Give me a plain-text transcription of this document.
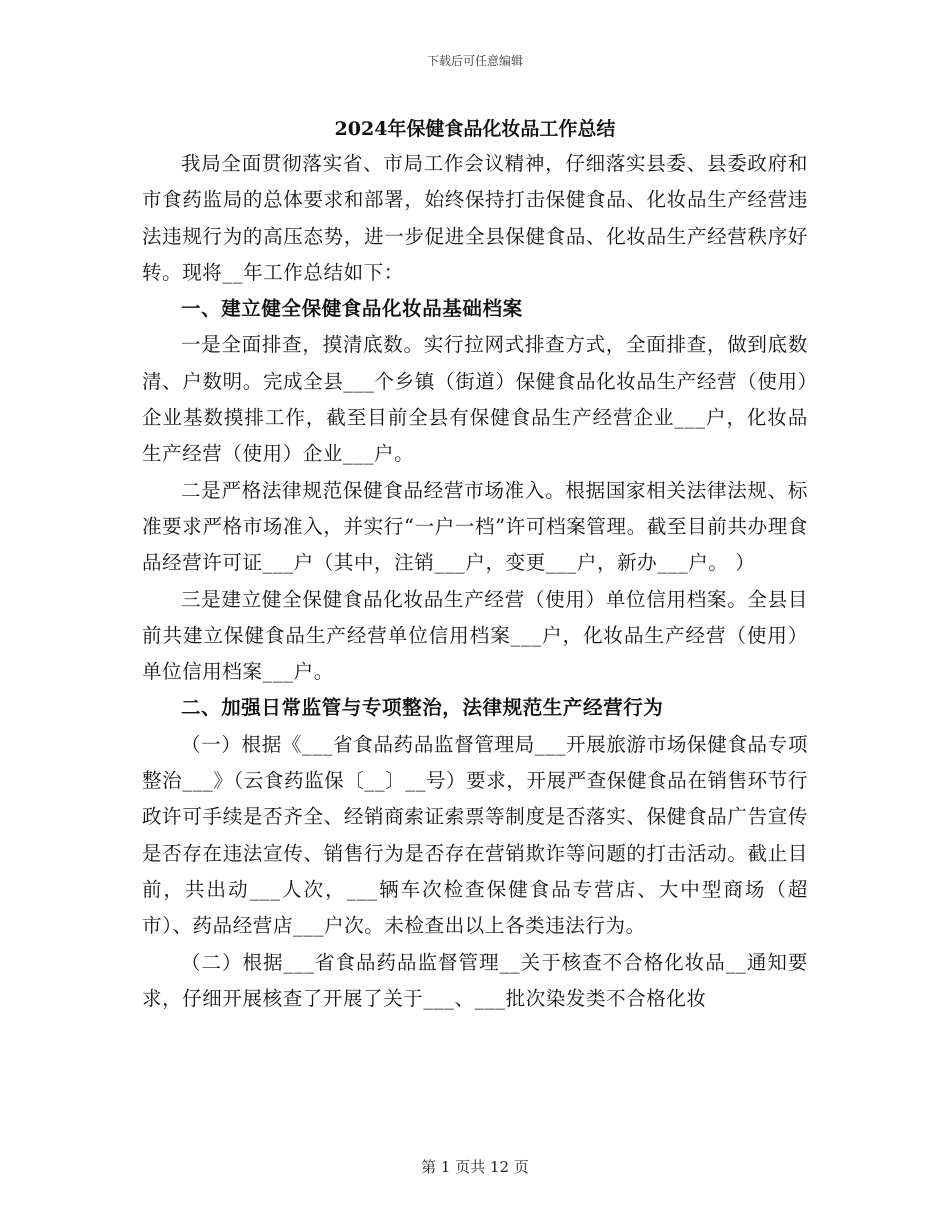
下载后可任意编辑
2024年保健食品化妆品工作总结

我局全面贯彻落实省、市局工作会议精神，仔细落实县委、县委政府和市食药监局的总体要求和部署，始终保持打击保健食品、化妆品生产经营违法违规行为的高压态势，进一步促进全县保健食品、化妆品生产经营秩序好转。现将__年工作总结如下：

一、建立健全保健食品化妆品基础档案

一是全面排查，摸清底数。实行拉网式排查方式，全面排查，做到底数清、户数明。完成全县___个乡镇（街道）保健食品化妆品生产经营（使用）企业基数摸排工作，截至目前全县有保健食品生产经营企业___户，化妆品生产经营（使用）企业___户。

二是严格法律规范保健食品经营市场准入。根据国家相关法律法规、标准要求严格市场准入，并实行“一户一档”许可档案管理。截至目前共办理食品经营许可证___户（其中，注销___户，变更___户，新办___户。 ）

三是建立健全保健食品化妆品生产经营（使用）单位信用档案。全县目前共建立保健食品生产经营单位信用档案___户，化妆品生产经营（使用）单位信用档案___户。

二、加强日常监管与专项整治，法律规范生产经营行为

（一）根据《___省食品药品监督管理局___开展旅游市场保健食品专项整治___》（云食药监保〔__〕__号）要求，开展严查保健食品在销售环节行政许可手续是否齐全、经销商索证索票等制度是否落实、保健食品广告宣传是否存在违法宣传、销售行为是否存在营销欺诈等问题的打击活动。截止目前，共出动___人次，___辆车次检查保健食品专营店、大中型商场（超市）、药品经营店___户次。未检查出以上各类违法行为。

（二）根据___省食品药品监督管理__关于核查不合格化妆品__通知要求，仔细开展核查了开展了关于___、___批次染发类不合格化妆

第 1 页共 12 页
